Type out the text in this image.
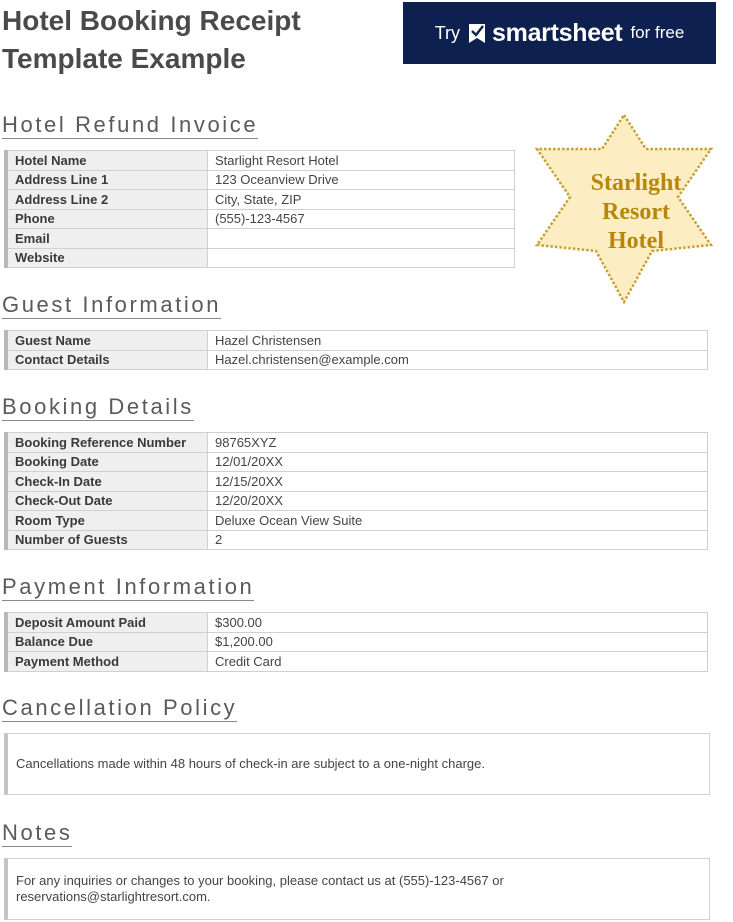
Hotel Booking Receipt
Template Example
Try smartsheet for free
Hotel Refund Invoice
Hotel Name	Starlight Resort Hotel
Address Line 1	123 Oceanview Drive
Address Line 2	City, State, ZIP
Phone	(555)-123-4567
Email	
Website	
Starlight
Resort
Hotel
Guest Information
Guest Name	Hazel Christensen
Contact Details	Hazel.christensen@example.com
Booking Details
Booking Reference Number	98765XYZ
Booking Date	12/01/20XX
Check-In Date	12/15/20XX
Check-Out Date	12/20/20XX
Room Type	Deluxe Ocean View Suite
Number of Guests	2
Payment Information
Deposit Amount Paid	$300.00
Balance Due	$1,200.00
Payment Method	Credit Card
Cancellation Policy
Cancellations made within 48 hours of check-in are subject to a one-night charge.
Notes
For any inquiries or changes to your booking, please contact us at (555)-123-4567 or reservations@starlightresort.com.
